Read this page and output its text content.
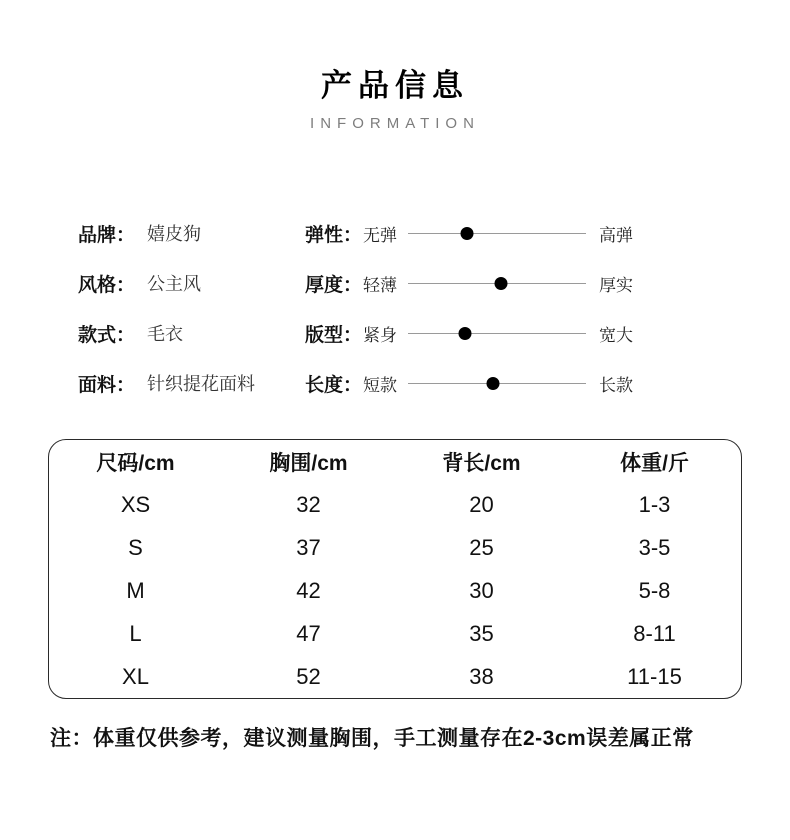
产品信息
INFORMATION
品牌： 嬉皮狗
风格： 公主风
款式： 毛衣
面料： 针织提花面料
弹性： 无弹	高弹
厚度： 轻薄	厚实
版型： 紧身	宽大
长度： 短款	长款
尺码/cm	胸围/cm	背长/cm	体重/斤
XS	32	20	1-3
S	37	25	3-5
M	42	30	5-8
L	47	35	8-11
XL	52	38	11-15

注：体重仅供参考，建议测量胸围，手工测量存在2-3cm误差属正常
